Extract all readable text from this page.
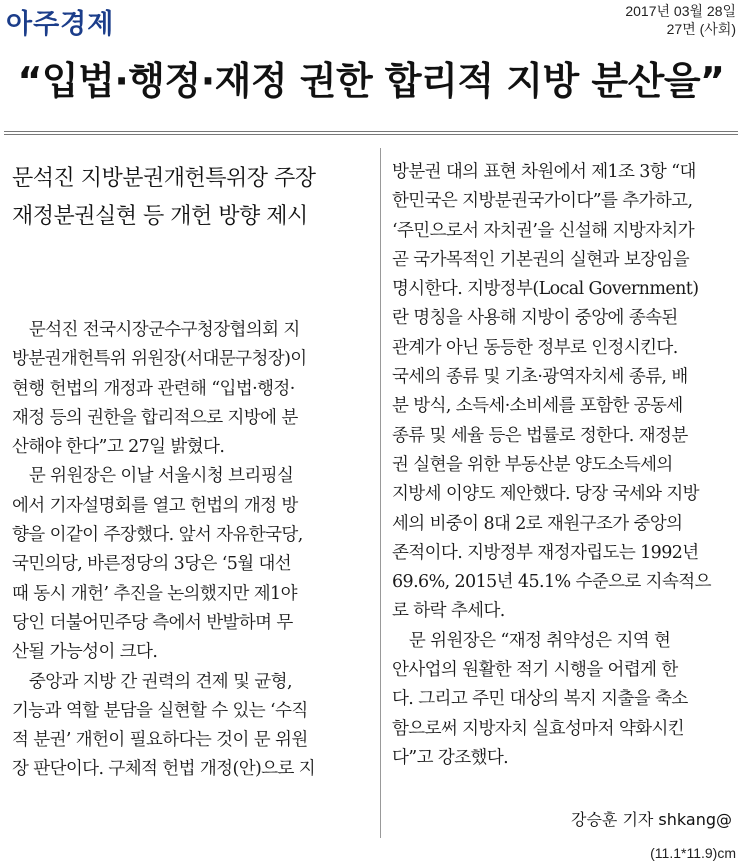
아주경제	2017년 03월 28일
27면 (사회)
“입법·행정·재정 권한 합리적 지방 분산을”
문석진 지방분권개헌특위장 주장
재정분권실현 등 개헌 방향 제시
　문석진 전국시장군수구청장협의회 지
방분권개헌특위 위원장(서대문구청장)이
현행 헌법의 개정과 관련해 “입법·행정·
재정 등의 권한을 합리적으로 지방에 분
산해야 한다”고 27일 밝혔다.
　문 위원장은 이날 서울시청 브리핑실
에서 기자설명회를 열고 헌법의 개정 방
향을 이같이 주장했다. 앞서 자유한국당,
국민의당, 바른정당의 3당은 ‘5월 대선
때 동시 개헌’ 추진을 논의했지만 제1야
당인 더불어민주당 측에서 반발하며 무
산될 가능성이 크다.
　중앙과 지방 간 권력의 견제 및 균형,
기능과 역할 분담을 실현할 수 있는 ‘수직
적 분권’ 개헌이 필요하다는 것이 문 위원
장 판단이다. 구체적 헌법 개정(안)으로 지
방분권 대의 표현 차원에서 제1조 3항 “대
한민국은 지방분권국가이다”를 추가하고,
‘주민으로서 자치권’을 신설해 지방자치가
곧 국가목적인 기본권의 실현과 보장임을
명시한다. 지방정부(Local Government)
란 명칭을 사용해 지방이 중앙에 종속된
관계가 아닌 동등한 정부로 인정시킨다.
국세의 종류 및 기초·광역자치세 종류, 배
분 방식, 소득세·소비세를 포함한 공동세
종류 및 세율 등은 법률로 정한다. 재정분
권 실현을 위한 부동산분 양도소득세의
지방세 이양도 제안했다. 당장 국세와 지방
세의 비중이 8대 2로 재원구조가 중앙의
존적이다. 지방정부 재정자립도는 1992년
69.6%, 2015년 45.1% 수준으로 지속적으
로 하락 추세다.
　문 위원장은 “재정 취약성은 지역 현
안사업의 원활한 적기 시행을 어렵게 한
다. 그리고 주민 대상의 복지 지출을 축소
함으로써 지방자치 실효성마저 약화시킨
다”고 강조했다.
강승훈 기자 shkang@
(11.1*11.9)cm
